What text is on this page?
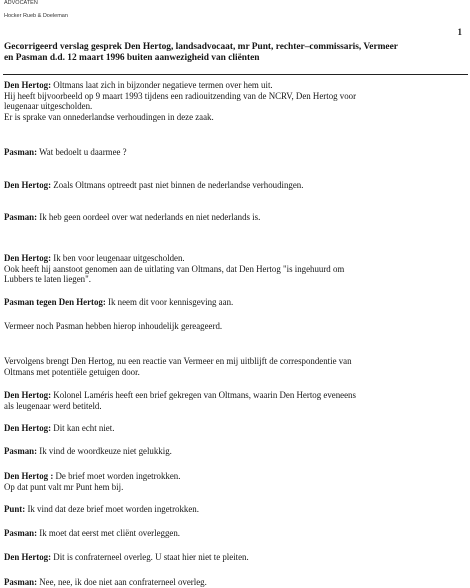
ADVOCATEN
Hocker Rueb & Doeleman
1
Gecorrigeerd verslag gesprek Den Hertog, landsadvocaat, mr Punt, rechter–commissaris, Vermeer
en Pasman d.d. 12 maart 1996 buiten aanwezigheid van cliënten
Den Hertog: Oltmans laat zich in bijzonder negatieve termen over hem uit.
Hij heeft bijvoorbeeld op 9 maart 1993 tijdens een radiouitzending van de NCRV, Den Hertog voor
leugenaar uitgescholden.
Er is sprake van onnederlandse verhoudingen in deze zaak.
Pasman: Wat bedoelt u daarmee ?
Den Hertog: Zoals Oltmans optreedt past niet binnen de nederlandse verhoudingen.
Pasman: Ik heb geen oordeel over wat nederlands en niet nederlands is.
Den Hertog: Ik ben voor leugenaar uitgescholden.
Ook heeft hij aanstoot genomen aan de uitlating van Oltmans, dat Den Hertog "is ingehuurd om
Lubbers te laten liegen".
Pasman tegen Den Hertog: Ik neem dit voor kennisgeving aan.
Vermeer noch Pasman hebben hierop inhoudelijk gereageerd.
Vervolgens brengt Den Hertog, nu een reactie van Vermeer en mij uitblijft de correspondentie van
Oltmans met potentiële getuigen door.
Den Hertog: Kolonel Laméris heeft een brief gekregen van Oltmans, waarin Den Hertog eveneens
als leugenaar werd betiteld.
Den Hertog: Dit kan echt niet.
Pasman: Ik vind de woordkeuze niet gelukkig.
Den Hertog : De brief moet worden ingetrokken.
Op dat punt valt mr Punt hem bij.
Punt: Ik vind dat deze brief moet worden ingetrokken.
Pasman: Ik moet dat eerst met cliënt overleggen.
Den Hertog: Dit is confraterneel overleg. U staat hier niet te pleiten.
Pasman: Nee, nee, ik doe niet aan confraterneel overleg.
